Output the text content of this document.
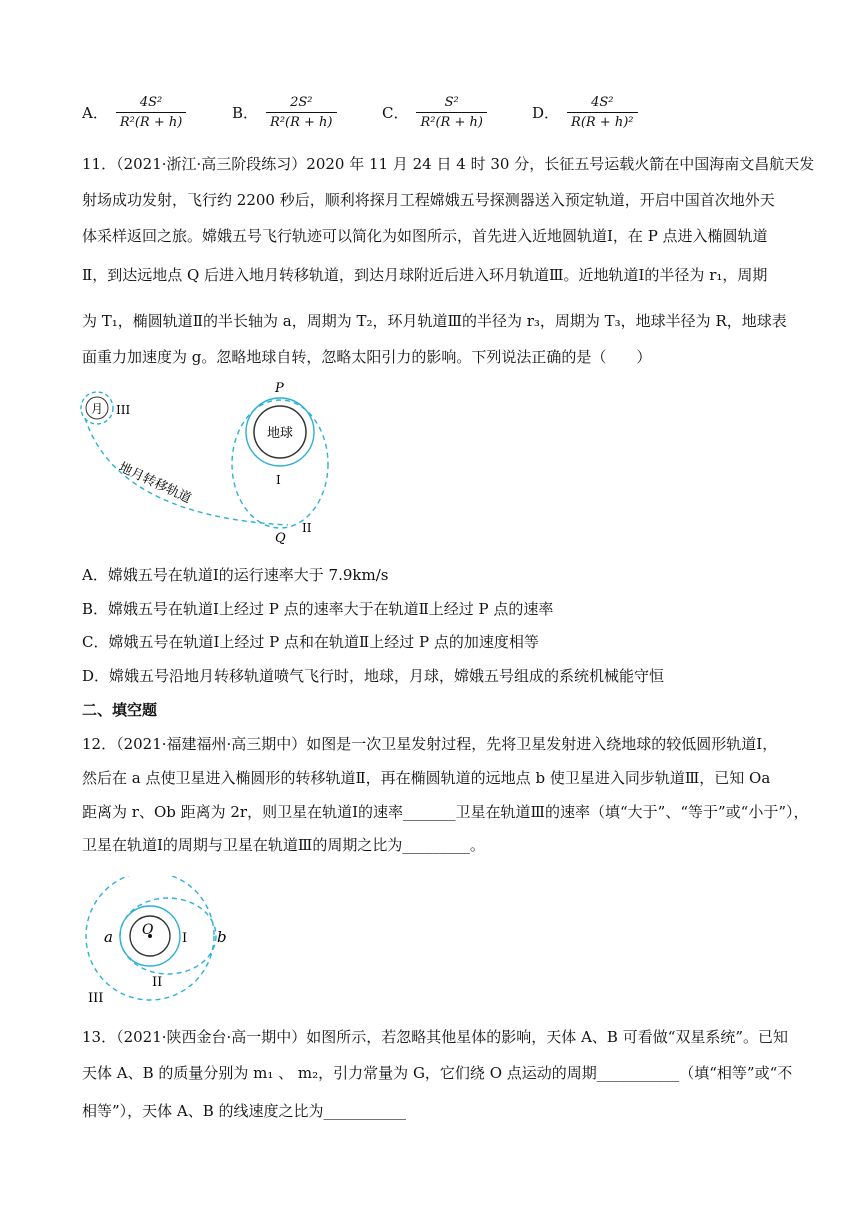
A． $\frac{\text{4S²}}{\text{R²(R + h)}}$	B． $\frac{\text{2S²}}{\text{R²(R + h)}}$	C． $\frac{\text{S²}}{\text{R²(R + h)}}$	D． $\frac{\text{4S²}}{\text{R(R + h)²}}$
11．（2021·浙江·高三阶段练习）2020 年 11 月 24 日 4 时 30 分，长征五号运载火箭在中国海南文昌航天发
射场成功发射，飞行约 2200 秒后，顺利将探月工程嫦娥五号探测器送入预定轨道，开启中国首次地外天
体采样返回之旅。嫦娥五号飞行轨迹可以简化为如图所示，首先进入近地圆轨道Ⅰ，在 P 点进入椭圆轨道
Ⅱ，到达远地点 Q 后进入地月转移轨道，到达月球附近后进入环月轨道Ⅲ。近地轨道Ⅰ的半径为 r₁，周期
为 T₁，椭圆轨道Ⅱ的半长轴为 a，周期为 T₂，环月轨道Ⅲ的半径为 r₃，周期为 T₃，地球半径为 R，地球表
面重力加速度为 g。忽略地球自转，忽略太阳引力的影响。下列说法正确的是（　　）
月 III
地月转移轨道
地球
P
I
II
Q
A．嫦娥五号在轨道Ⅰ的运行速率大于 7.9km/s
B．嫦娥五号在轨道Ⅰ上经过 P 点的速率大于在轨道Ⅱ上经过 P 点的速率
C．嫦娥五号在轨道Ⅰ上经过 P 点和在轨道Ⅱ上经过 P 点的加速度相等
D．嫦娥五号沿地月转移轨道喷气飞行时，地球，月球，嫦娥五号组成的系统机械能守恒
二、填空题
12．（2021·福建福州·高三期中）如图是一次卫星发射过程，先将卫星发射进入绕地球的较低圆形轨道Ⅰ，
然后在 a 点使卫星进入椭圆形的转移轨道Ⅱ，再在椭圆轨道的远地点 b 使卫星进入同步轨道Ⅲ，已知 Oa
距离为 r、Ob 距离为 2r，则卫星在轨道Ⅰ的速率_______卫星在轨道Ⅲ的速率（填“大于”、“等于”或“小于”），
卫星在轨道Ⅰ的周期与卫星在轨道Ⅲ的周期之比为_________。
O
a	b
I
II
III
13．（2021·陕西金台·高一期中）如图所示，若忽略其他星体的影响，天体 A、B 可看做“双星系统”。已知
天体 A、B 的质量分别为 m₁ 、 m₂，引力常量为 G，它们绕 O 点运动的周期___________（填“相等”或“不
相等”），天体 A、B 的线速度之比为___________
